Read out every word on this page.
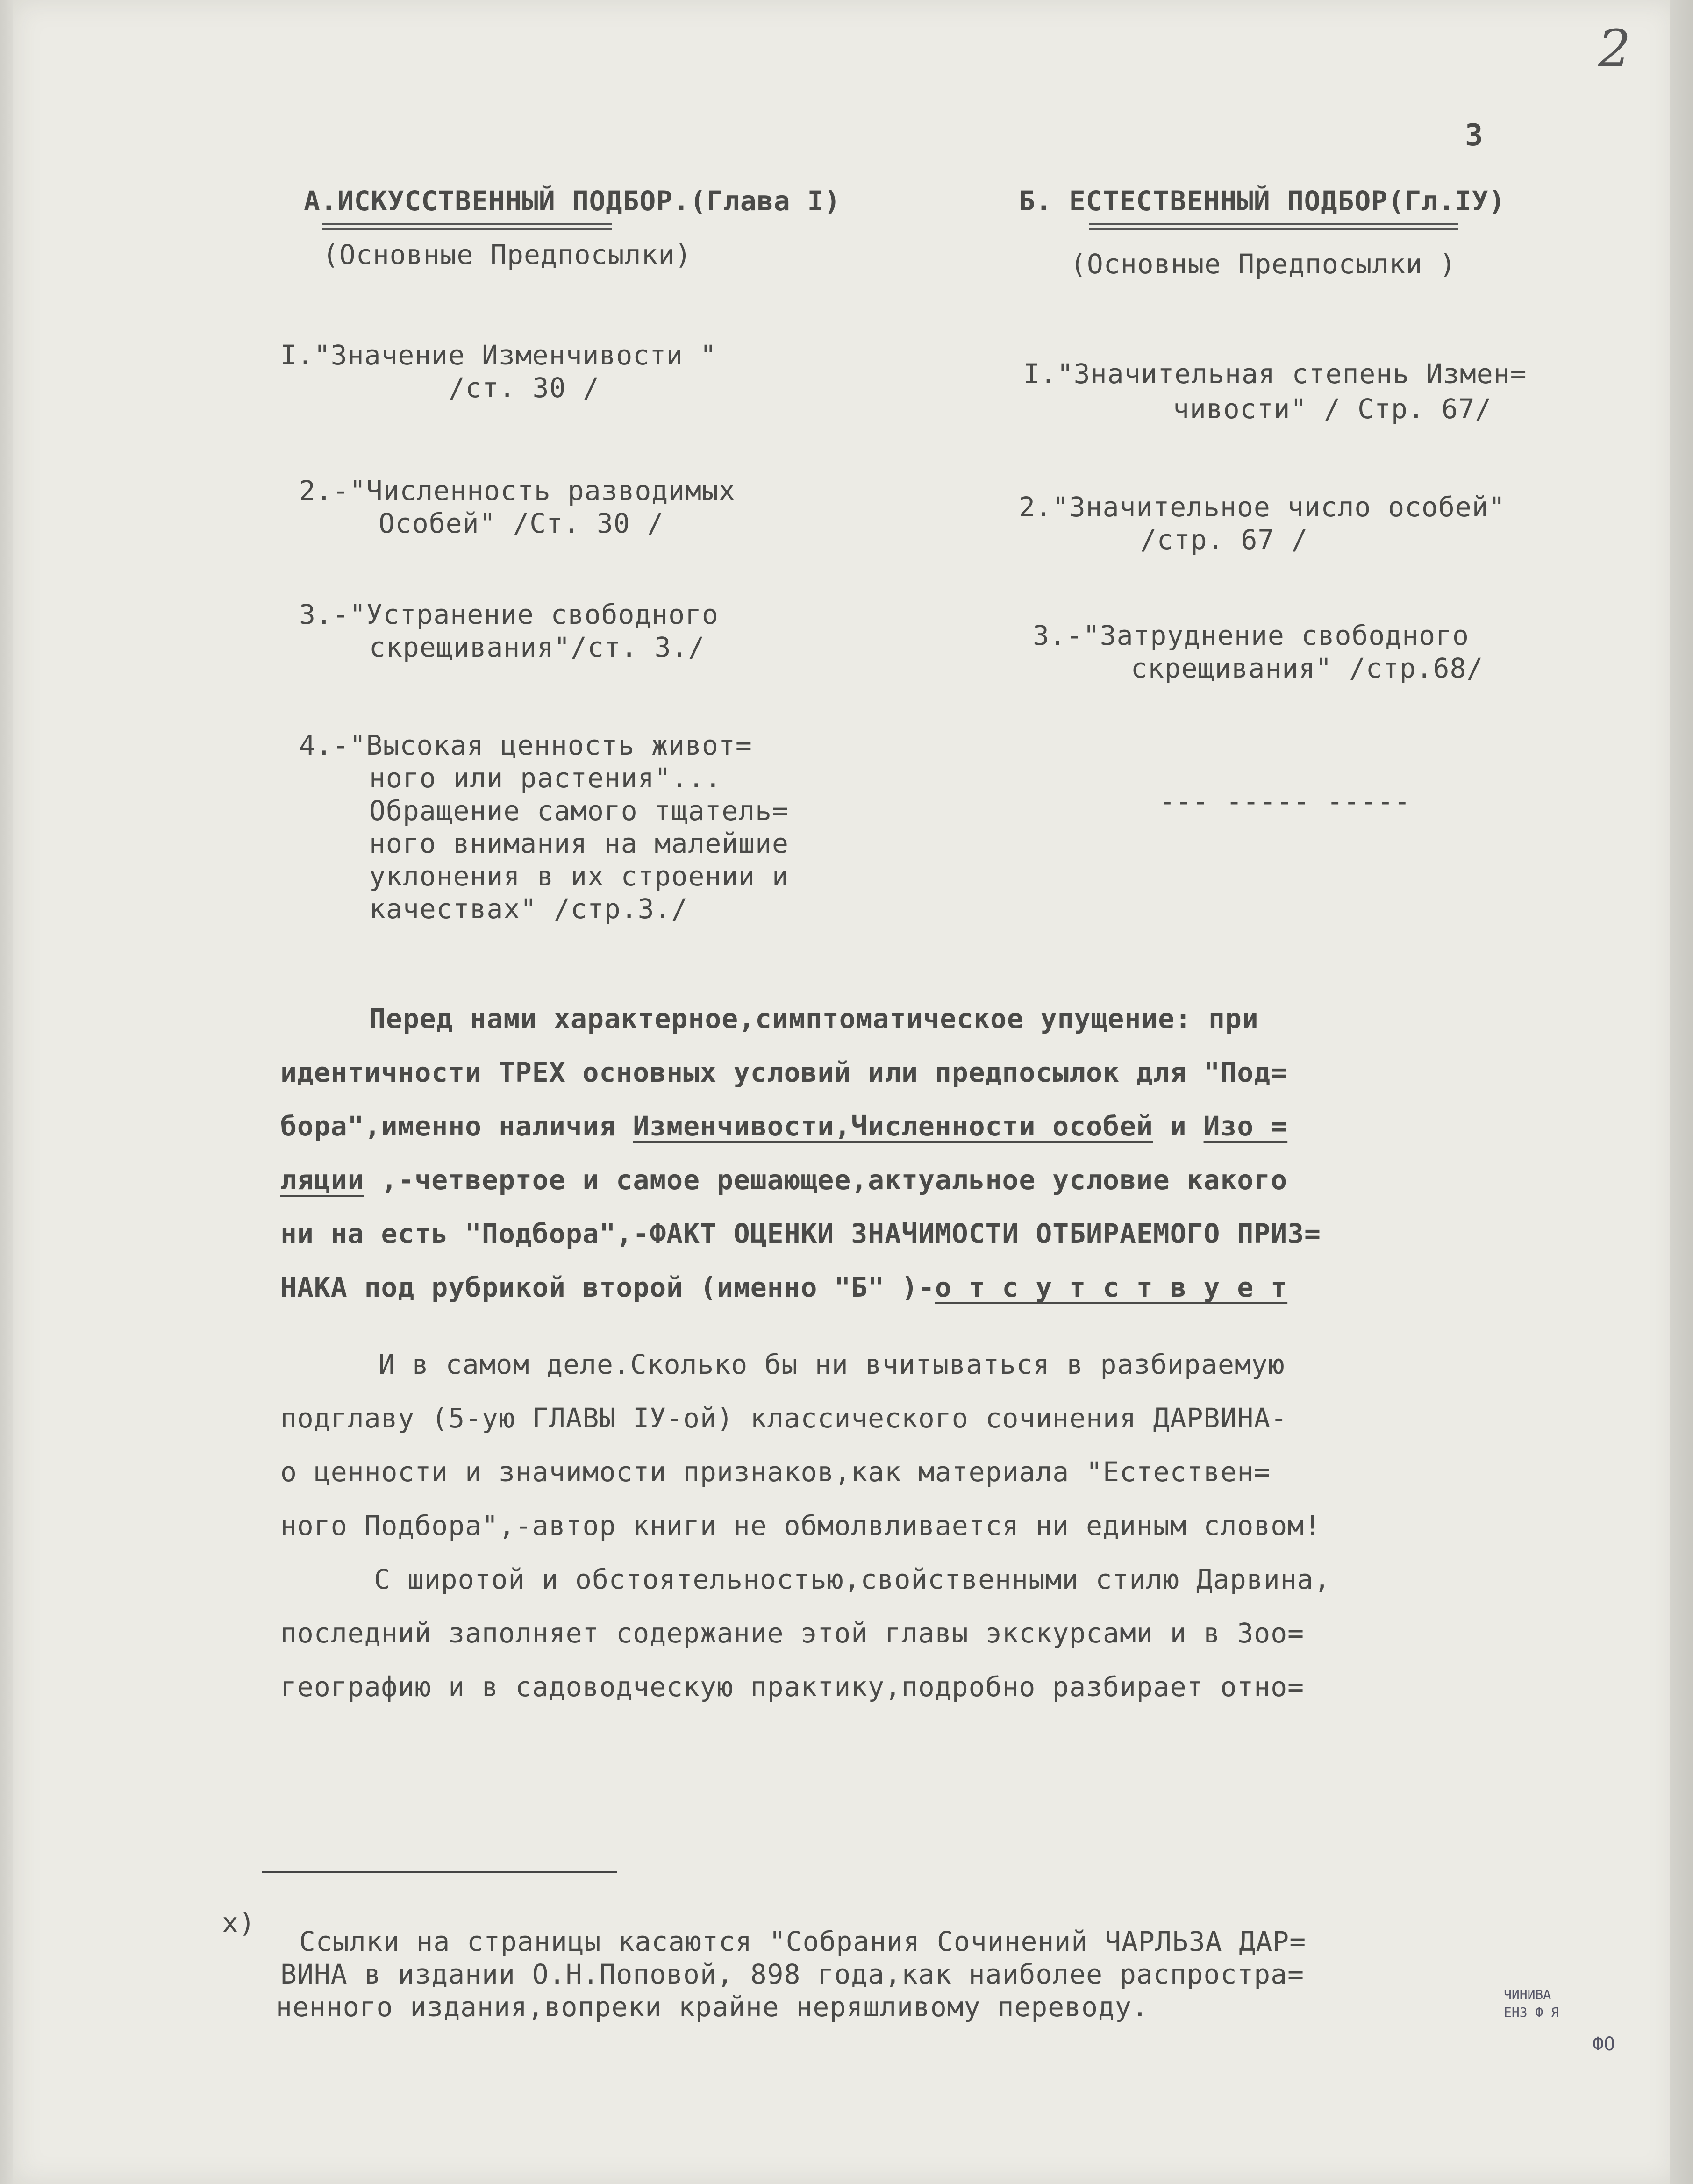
2
3
А.ИСКУССТВЕННЫЙ ПОДБОР.(Глава I)
(Основные Предпосылки)
I."Значение Изменчивости "
/ст. 30 /
2.-"Численность разводимых
Особей" /Ст. 30 /
3.-"Устранение свободного
скрещивания"/ст. 3./
4.-"Высокая ценность живот=
ного или растения"...
Обращение самого тщатель=
ного внимания на малейшие
уклонения в их строении и
качествах" /стр.3./
Б. ЕСТЕСТВЕННЫЙ ПОДБОР(Гл.IУ)
(Основные Предпосылки )
I."Значительная степень Измен=
чивости" / Стр. 67/
2."Значительное число особей"
/стр. 67 /
3.-"Затруднение свободного
скрещивания" /стр.68/
--- ----- -----
Перед нами характерное,симптоматическое упущение: при
идентичности ТРЕХ основных условий или предпосылок для "Под=
бора",именно наличия Изменчивости,Численности особей и Изо =
ляции ,-четвертое и самое решающее,актуальное условие какого
ни на есть "Подбора",-ФАКТ ОЦЕНКИ ЗНАЧИМОСТИ ОТБИРАЕМОГО ПРИЗ=
НАКА под рубрикой второй (именно "Б" )-о т с у т с т в у е т
И в самом деле.Сколько бы ни вчитываться в разбираемую
подглаву (5-ую ГЛАВЫ IУ-ой) классического сочинения ДАРВИНА-
о ценности и значимости признаков,как материала "Естествен=
ного Подбора",-автор книги не обмолвливается ни единым словом!
С широтой и обстоятельностью,свойственными стилю Дарвина,
последний заполняет содержание этой главы экскурсами и в Зоо=
географию и в садоводческую практику,подробно разбирает отно=
х)
Ссылки на страницы касаются "Собрания Сочинений ЧАРЛЬЗА ДАР=
ВИНА в издании О.Н.Поповой, 898 года,как наиболее распростра=
ненного издания,вопреки крайне неряшливому переводу.	ЧИНИВА
ЕНЗ Ф Я
ФО
